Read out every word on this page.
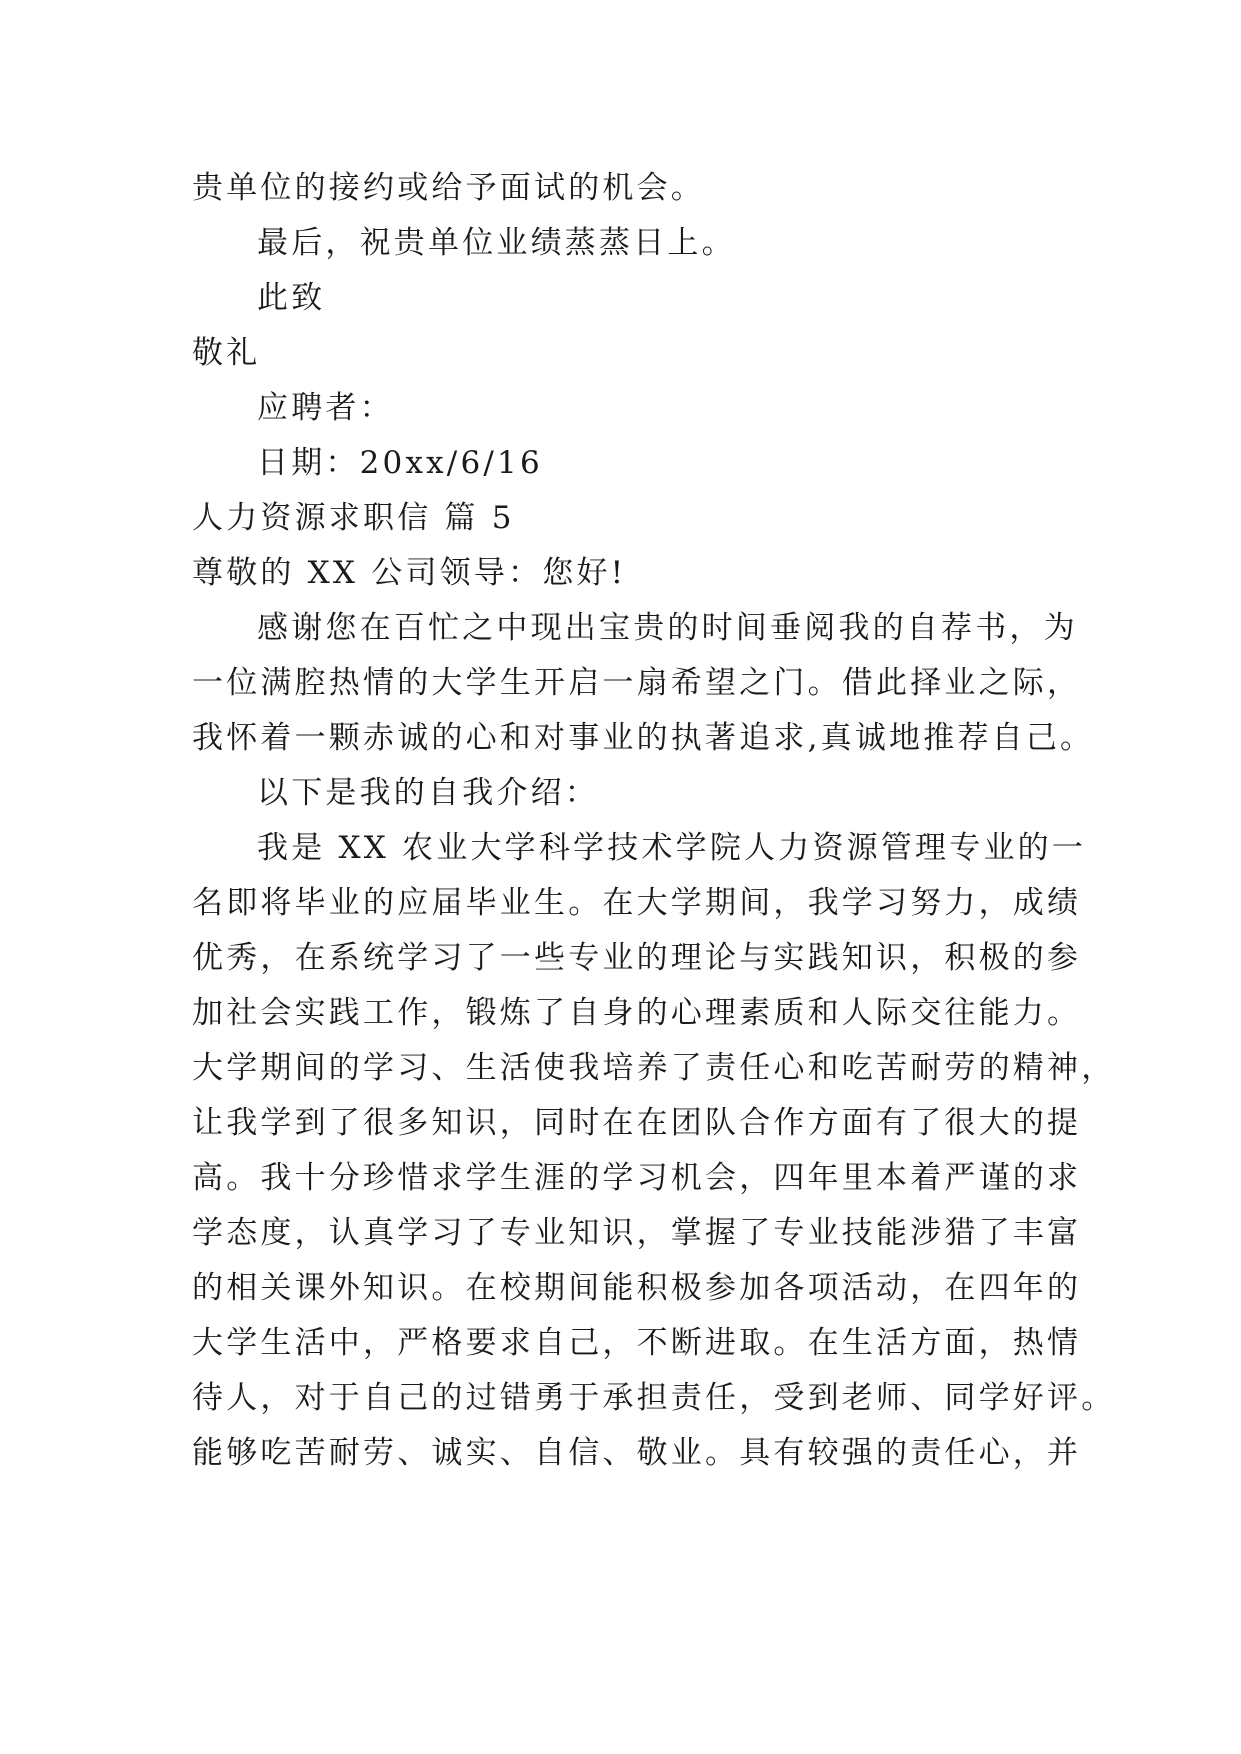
贵单位的接约或给予面试的机会。
最后，祝贵单位业绩蒸蒸日上。
此致
敬礼
应聘者：
日期：20xx/6/16
人力资源求职信 篇 5
尊敬的 XX 公司领导：您好!
感谢您在百忙之中现出宝贵的时间垂阅我的自荐书，为
一位满腔热情的大学生开启一扇希望之门。借此择业之际，
我怀着一颗赤诚的心和对事业的执著追求,真诚地推荐自己。
以下是我的自我介绍：
我是 XX 农业大学科学技术学院人力资源管理专业的一
名即将毕业的应届毕业生。在大学期间，我学习努力，成绩
优秀，在系统学习了一些专业的理论与实践知识，积极的参
加社会实践工作，锻炼了自身的心理素质和人际交往能力。
大学期间的学习、生活使我培养了责任心和吃苦耐劳的精神，
让我学到了很多知识，同时在在团队合作方面有了很大的提
高。我十分珍惜求学生涯的学习机会，四年里本着严谨的求
学态度，认真学习了专业知识，掌握了专业技能涉猎了丰富
的相关课外知识。在校期间能积极参加各项活动，在四年的
大学生活中，严格要求自己，不断进取。在生活方面，热情
待人，对于自己的过错勇于承担责任，受到老师、同学好评。
能够吃苦耐劳、诚实、自信、敬业。具有较强的责任心，并
